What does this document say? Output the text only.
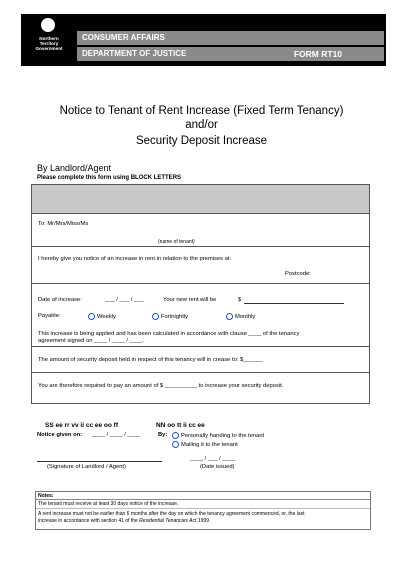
Northern
Territory
Government
CONSUMER AFFAIRS
DEPARTMENT OF JUSTICE	FORM RT10
Notice to Tenant of Rent Increase (Fixed Term Tenancy)
and/or
Security Deposit Increase
By Landlord/Agent
Please complete this form using BLOCK LETTERS
To: Mr/Mrs/Miss/Ms
(name of tenant)
I hereby give you notice of an increase in rent in relation to the premises at:
Postcode:
Date of increase:	___ / ___ / ___	Your new rent will be	$
Payable:	Weekly	Fortnightly	Monthly
This increase is being applied and has been calculated in accordance with clause ____ of the tenancy
agreement signed on ____ / ____ / ____.
The amount of security deposit held in respect of this tenancy will in crease to: $______
You are therefore required to pay an amount of $ __________ to increase your security deposit.
SS ee rr vv ii cc ee oo ff	NN oo tt ii cc ee
Notice given on: ____ / ____ / ____	By:	Personally handing to the tenant
Mailing it to the tenant
(Signature of Landlord / Agent)
____ / ___ / ____
(Date issued)
Notes:
The tenant must receive at least 30 days notice of the increase.
A rent increase must not be earlier than 6 months after the day on which the tenancy agreement commenced, or, the last
increase in accordance with section 41 of the Residential Tenancies Act 1999.
